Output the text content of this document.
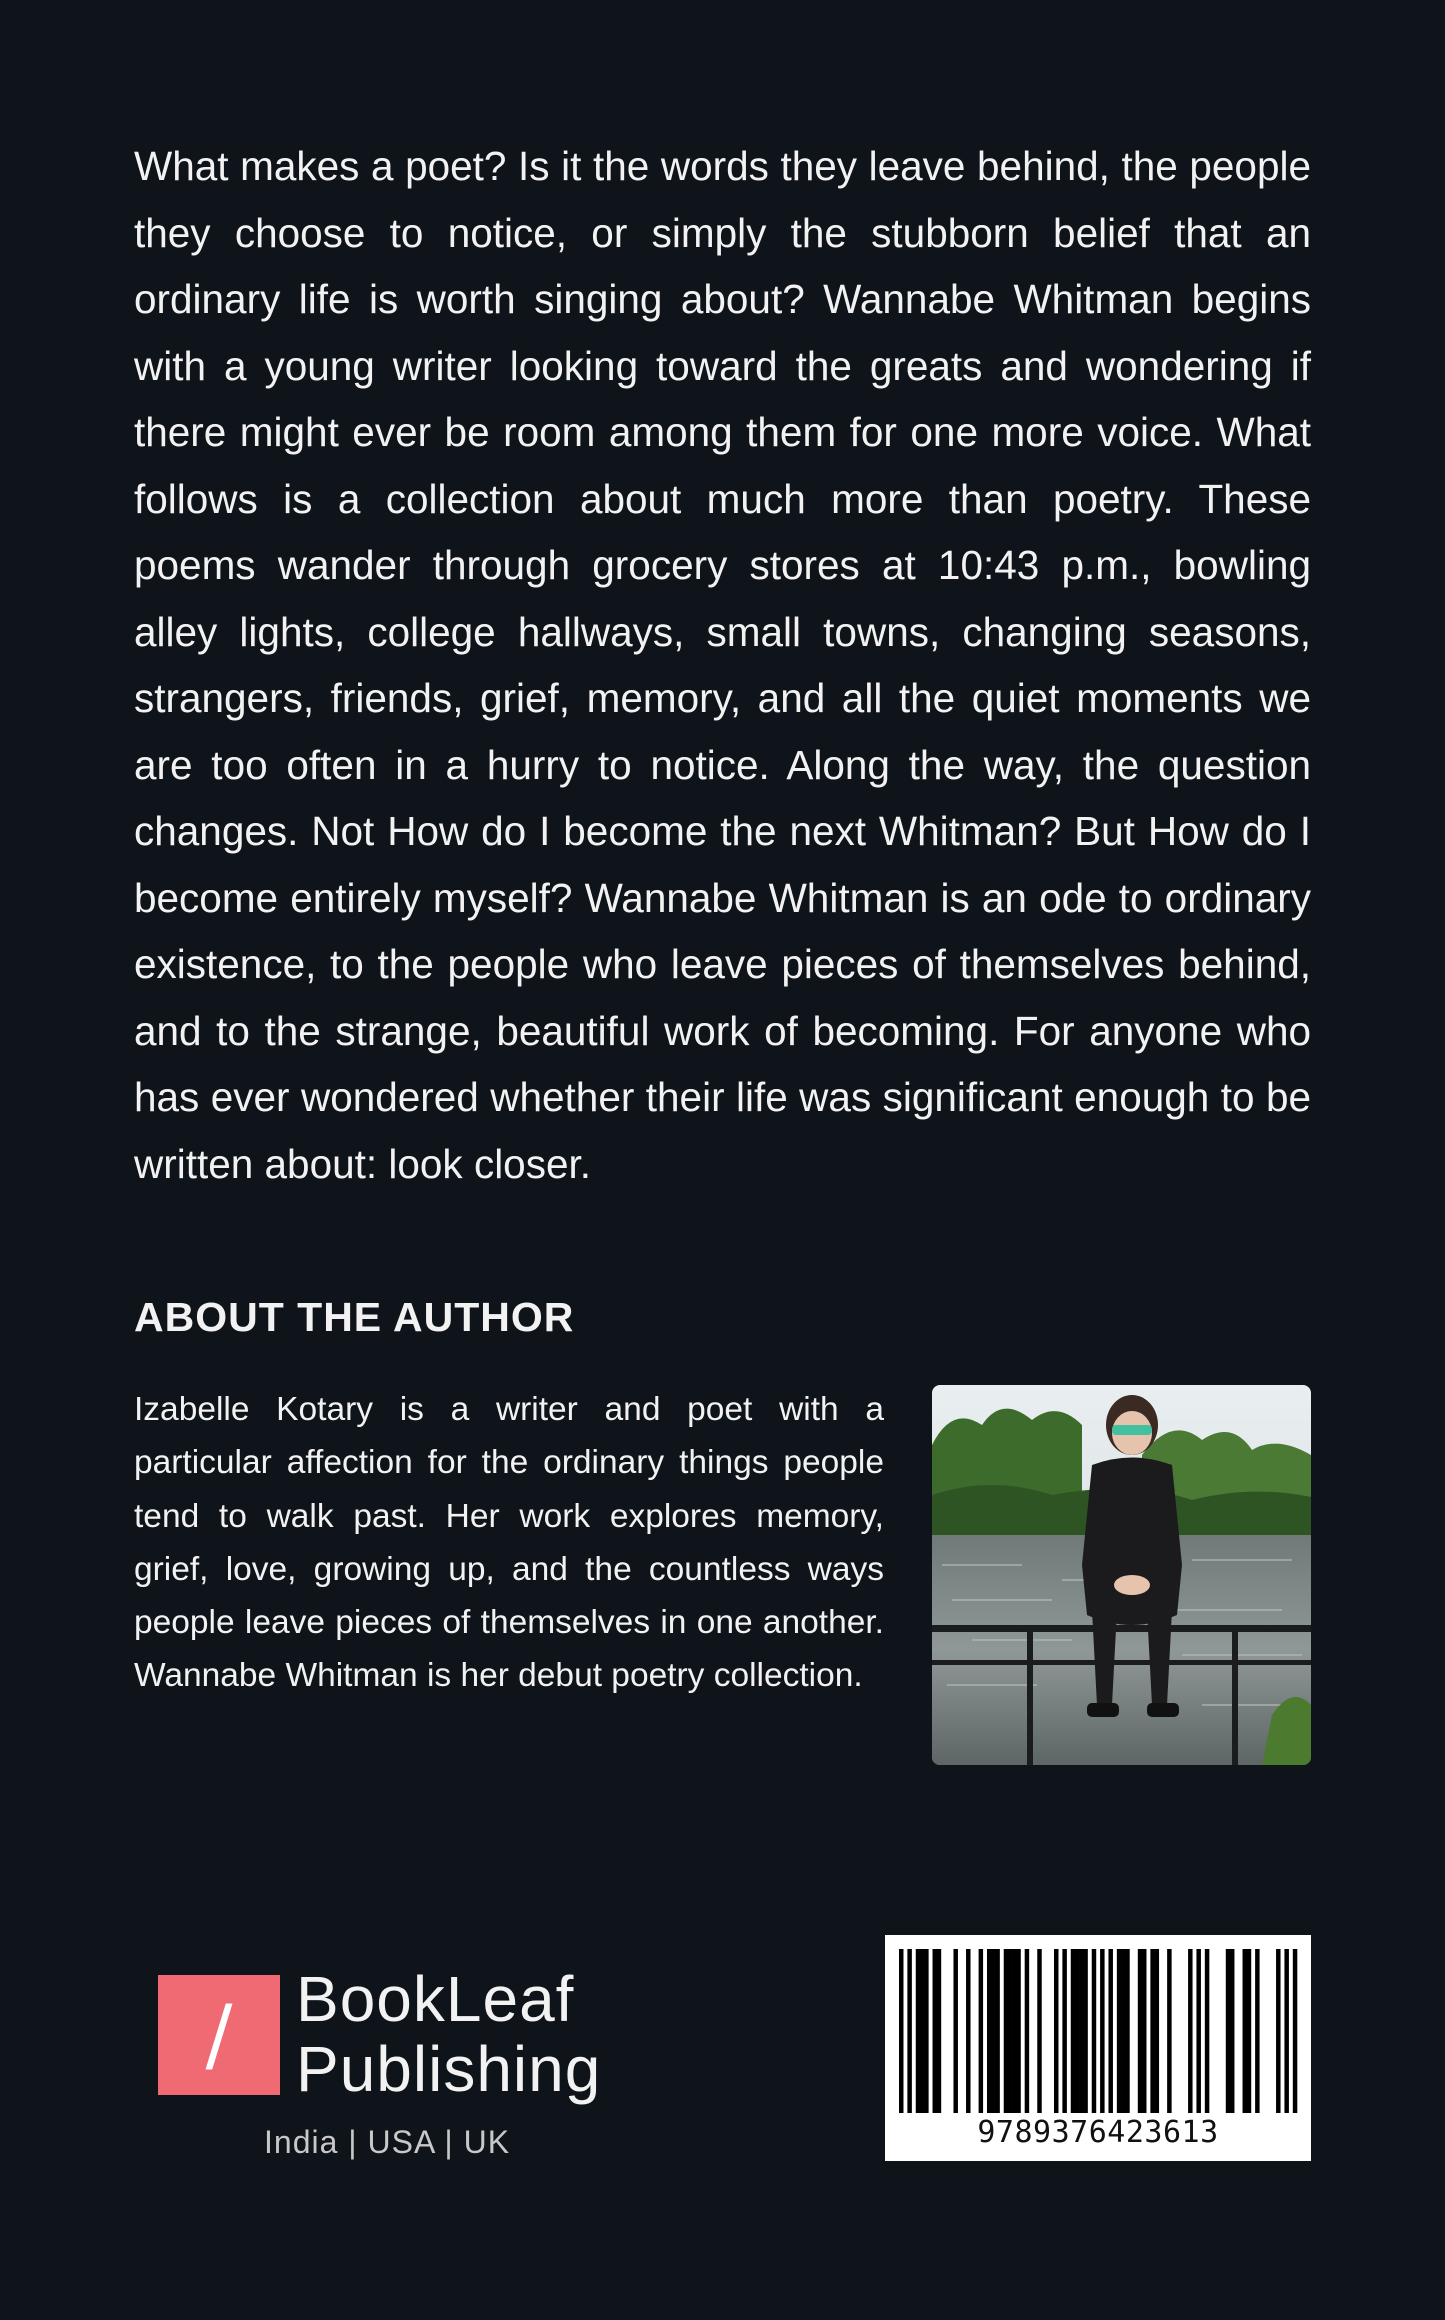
What makes a poet? Is it the words they leave behind, the people they choose to notice, or simply the stubborn belief that an ordinary life is worth singing about? Wannabe Whitman begins with a young writer looking toward the greats and wondering if there might ever be room among them for one more voice. What follows is a collection about much more than poetry. These poems wander through grocery stores at 10:43 p.m., bowling alley lights, college hallways, small towns, changing seasons, strangers, friends, grief, memory, and all the quiet moments we are too often in a hurry to notice. Along the way, the question changes. Not How do I become the next Whitman? But How do I become entirely myself? Wannabe Whitman is an ode to ordinary existence, to the people who leave pieces of themselves behind, and to the strange, beautiful work of becoming. For anyone who has ever wondered whether their life was significant enough to be written about: look closer.

ABOUT THE AUTHOR

Izabelle Kotary is a writer and poet with a particular affection for the ordinary things people tend to walk past. Her work explores memory, grief, love, growing up, and the countless ways people leave pieces of themselves in one another. Wannabe Whitman is her debut poetry collection.

/ BookLeaf
Publishing
India | USA | UK	9789376423613
